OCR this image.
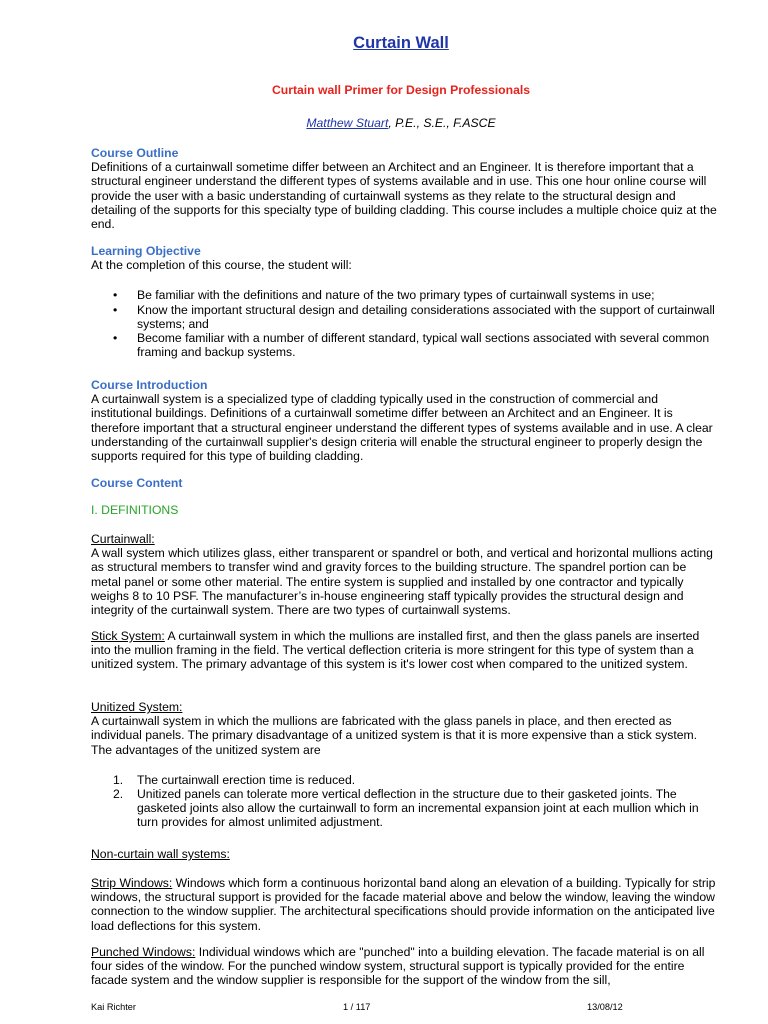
Curtain Wall
Curtain wall Primer for Design Professionals
Matthew Stuart, P.E., S.E., F.ASCE
Course Outline

Definitions of a curtainwall sometime differ between an Architect and an Engineer. It is therefore important that a structural engineer understand the different types of systems available and in use. This one hour online course will provide the user with a basic understanding of curtainwall systems as they relate to the structural design and detailing of the supports for this specialty type of building cladding. This course includes a multiple choice quiz at the end.

Learning Objective

At the completion of this course, the student will:

• Be familiar with the definitions and nature of the two primary types of curtainwall systems in use;
• Know the important structural design and detailing considerations associated with the support of curtainwall systems; and
• Become familiar with a number of different standard, typical wall sections associated with several common framing and backup systems.
Course Introduction

A curtainwall system is a specialized type of cladding typically used in the construction of commercial and institutional buildings. Definitions of a curtainwall sometime differ between an Architect and an Engineer. It is therefore important that a structural engineer understand the different types of systems available and in use. A clear understanding of the curtainwall supplier's design criteria will enable the structural engineer to properly design the supports required for this type of building cladding.

Course Content
I. DEFINITIONS
Curtainwall:

A wall system which utilizes glass, either transparent or spandrel or both, and vertical and horizontal mullions acting as structural members to transfer wind and gravity forces to the building structure. The spandrel portion can be metal panel or some other material. The entire system is supplied and installed by one contractor and typically weighs 8 to 10 PSF. The manufacturer’s in-house engineering staff typically provides the structural design and integrity of the curtainwall system. There are two types of curtainwall systems.

Stick System: A curtainwall system in which the mullions are installed first, and then the glass panels are inserted into the mullion framing in the field. The vertical deflection criteria is more stringent for this type of system than a unitized system. The primary advantage of this system is it's lower cost when compared to the unitized system.

Unitized System:

A curtainwall system in which the mullions are fabricated with the glass panels in place, and then erected as individual panels. The primary disadvantage of a unitized system is that it is more expensive than a stick system. The advantages of the unitized system are

1. The curtainwall erection time is reduced.
2. Unitized panels can tolerate more vertical deflection in the structure due to their gasketed joints. The gasketed joints also allow the curtainwall to form an incremental expansion joint at each mullion which in turn provides for almost unlimited adjustment.
Non-curtain wall systems:

Strip Windows: Windows which form a continuous horizontal band along an elevation of a building. Typically for strip windows, the structural support is provided for the facade material above and below the window, leaving the window connection to the window supplier. The architectural specifications should provide information on the anticipated live load deflections for this system.

Punched Windows: Individual windows which are "punched" into a building elevation. The facade material is on all four sides of the window. For the punched window system, structural support is typically provided for the entire facade system and the window supplier is responsible for the support of the window from the sill,

Kai Richter	1 / 117	13/08/12
